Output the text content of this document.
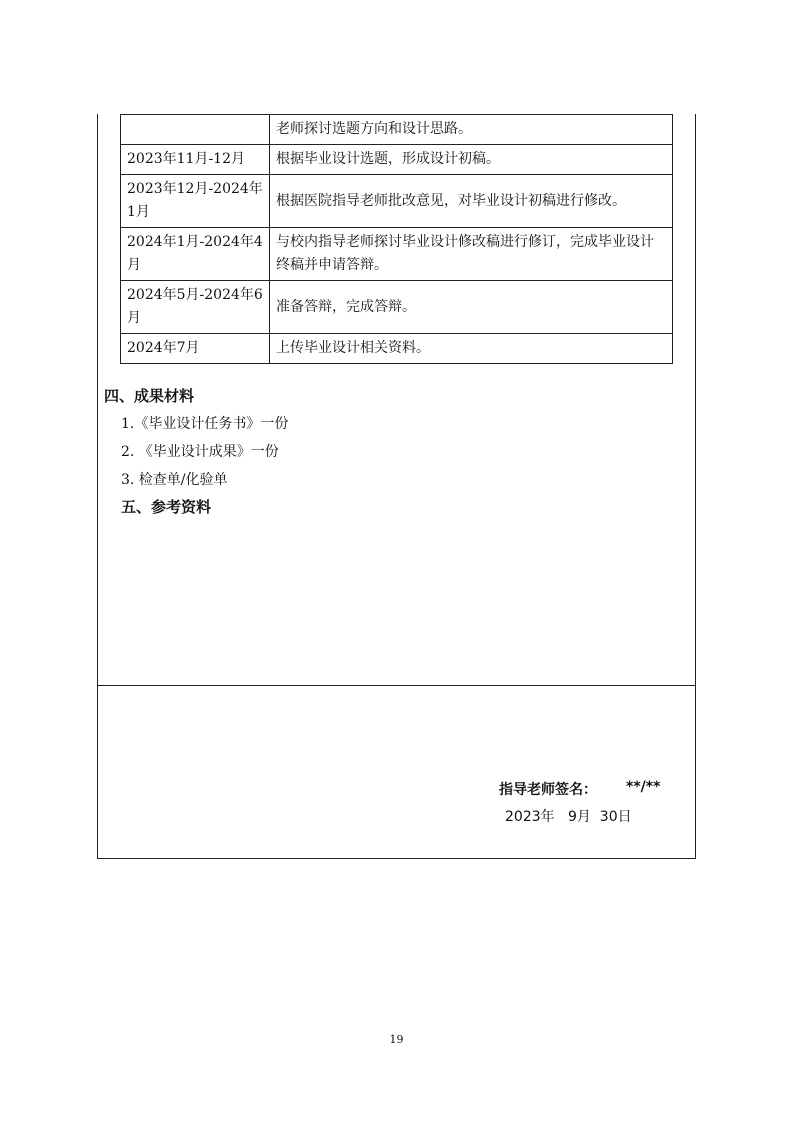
	老师探讨选题方向和设计思路。
2023年11月-12月	根据毕业设计选题，形成设计初稿。
2023年12月-2024年1月	根据医院指导老师批改意见，对毕业设计初稿进行修改。
2024年1月-2024年4月	与校内指导老师探讨毕业设计修改稿进行修订，完成毕业设计终稿并申请答辩。
2024年5月-2024年6月	准备答辩，完成答辩。
2024年7月	上传毕业设计相关资料。
四、成果材料
1.《毕业设计任务书》一份
2. 《毕业设计成果》一份
3. 检查单/化验单
五、参考资料
指导老师签名： **/**
2023年   9月  30日
19
